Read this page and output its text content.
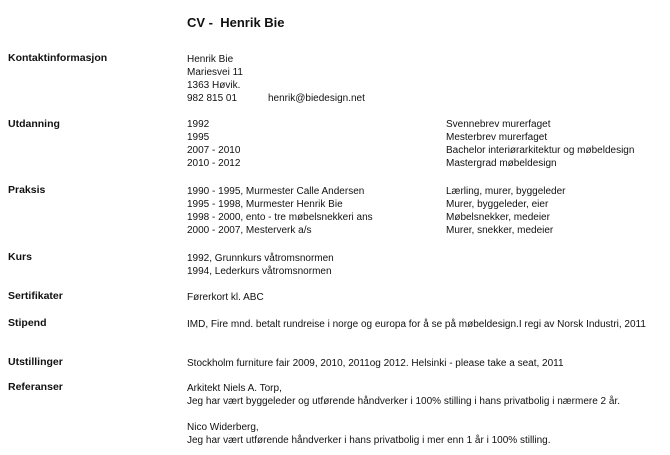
CV -  Henrik Bie
Kontaktinformasjon	Henrik Bie
Mariesvei 11
1363 Høvik.
982 815 01	henrik@biedesign.net
Utdanning	1992	Svennebrev murerfaget
1995	Mesterbrev murerfaget
2007 - 2010	Bachelor interiørarkitektur og møbeldesign
2010 - 2012	Mastergrad møbeldesign
Praksis	1990 - 1995, Murmester Calle Andersen	Lærling, murer, byggeleder
1995 - 1998, Murmester Henrik Bie	Murer, byggeleder, eier
1998 - 2000, ento - tre møbelsnekkeri ans	Møbelsnekker, medeier
2000 - 2007, Mesterverk a/s	Murer, snekker, medeier
Kurs	1992, Grunnkurs våtromsnormen
1994, Lederkurs våtromsnormen
Sertifikater	Førerkort kl. ABC
Stipend	IMD, Fire mnd. betalt rundreise i norge og europa for å se på møbeldesign.I regi av Norsk Industri, 2011
Utstillinger	Stockholm furniture fair 2009, 2010, 2011og 2012. Helsinki - please take a seat, 2011
Referanser	Arkitekt Niels A. Torp,
Jeg har vært byggeleder og utførende håndverker i 100% stilling i hans privatbolig i nærmere 2 år.
Nico Widerberg,
Jeg har vært utførende håndverker i hans privatbolig i mer enn 1 år i 100% stilling.
